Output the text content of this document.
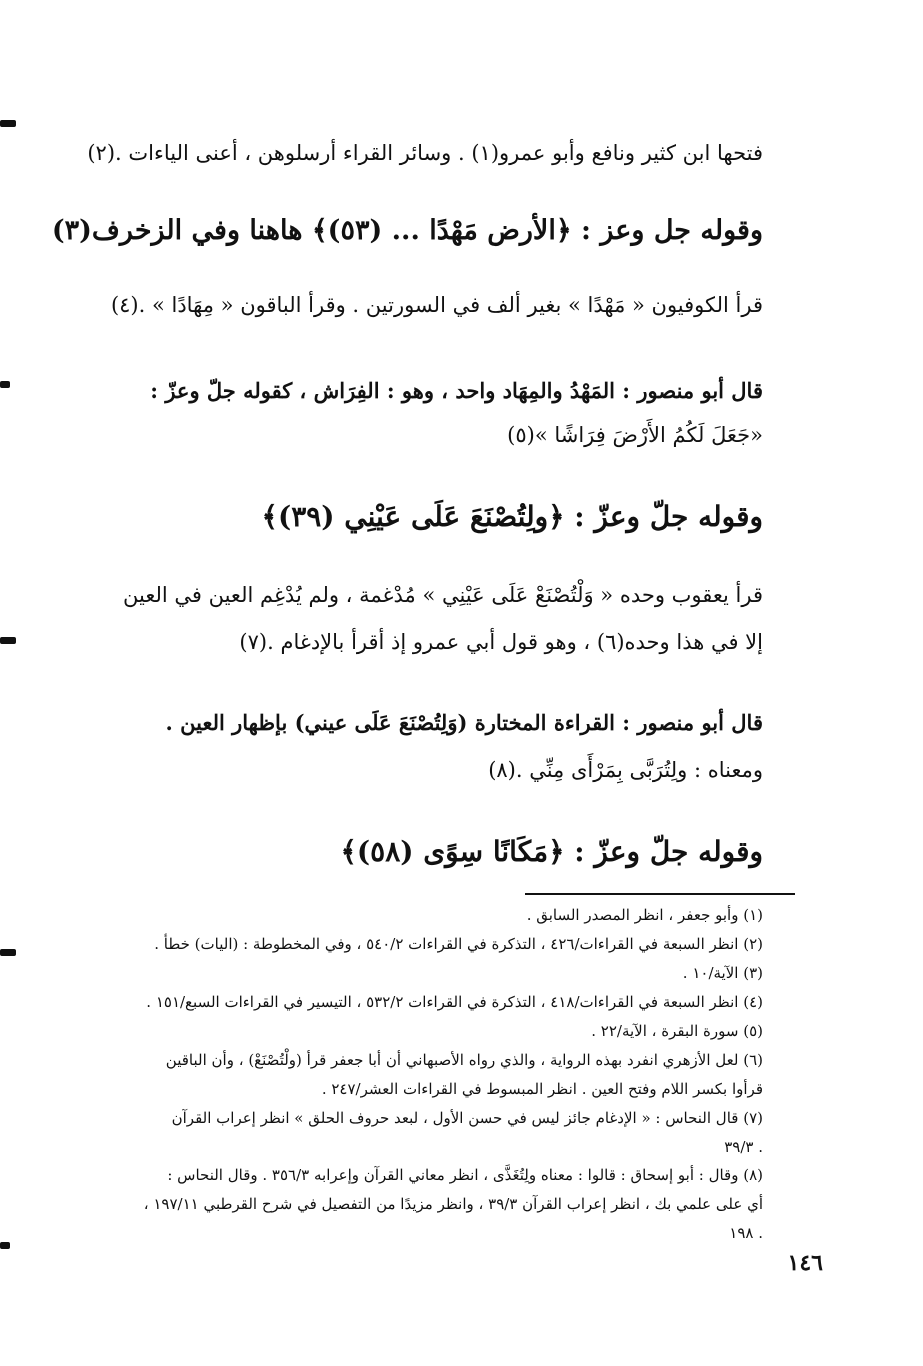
فتحها ابن كثير ونافع وأبو عمرو(١) . وسائر القراء أرسلوهن ، أعنى الياءات .(٢)
وقوله جل وعز : ﴿الأرض مَهْدًا ... (٥٣)﴾ هاهنا وفي الزخرف(٣)
قرأ الكوفيون « مَهْدًا » بغير ألف في السورتين . وقرأ الباقون « مِهَادًا » .(٤)
قال أبو منصور : المَهْدُ والمِهَاد واحد ، وهو : الفِرَاش ، كقوله جلّ وعزّ :
«جَعَلَ لَكُمُ الأَرْضَ فِرَاشًا »(٥)
وقوله جلّ وعزّ : ﴿ولِتُصْنَعَ عَلَى عَيْنِي (٣٩)﴾
قرأ يعقوب وحده « وَلْتُصْنَعْ عَلَى عَيْنِي » مُدْغمة ، ولم يُدْغِم العين في العين
إلا في هذا وحده(٦) ، وهو قول أبي عمرو إذ أقرأ بالإدغام .(٧)
قال أبو منصور : القراءة المختارة (وَلِتُصْنَعَ عَلَى عيني) بإظهار العين .
ومعناه : ولِتُرَبَّى بِمَرْأَى مِنِّي .(٨)
وقوله جلّ وعزّ : ﴿مَكَانًا سِوًى (٥٨)﴾
(١) وأبو جعفر ، انظر المصدر السابق .
(٢) انظر السبعة في القراءات/٤٢٦ ، التذكرة في القراءات ٥٤٠/٢ ، وفي المخطوطة : (اليات) خطأ .
(٣) الآية/١٠ .
(٤) انظر السبعة في القراءات/٤١٨ ، التذكرة في القراءات ٥٣٢/٢ ، التيسير في القراءات السبع/١٥١ .
(٥) سورة البقرة ، الآية/٢٢ .
(٦) لعل الأزهري انفرد بهذه الرواية ، والذي رواه الأصبهاني أن أبا جعفر قرأ (ولْتُصْنَعْ) ، وأن الباقين
قرأوا بكسر اللام وفتح العين . انظر المبسوط في القراءات العشر/٢٤٧ .
(٧) قال النحاس : « الإدغام جائز ليس في حسن الأول ، لبعد حروف الحلق » انظر إعراب القرآن
. ٣٩/٣
(٨) وقال : أبو إسحاق : قالوا : معناه ولِتُغَذَّى ، انظر معاني القرآن وإعرابه ٣٥٦/٣ . وقال النحاس :
أي على علمي بك ، انظر إعراب القرآن ٣٩/٣ ، وانظر مزيدًا من التفصيل في شرح القرطبي ١٩٧/١١ ،
. ١٩٨
١٤٦
